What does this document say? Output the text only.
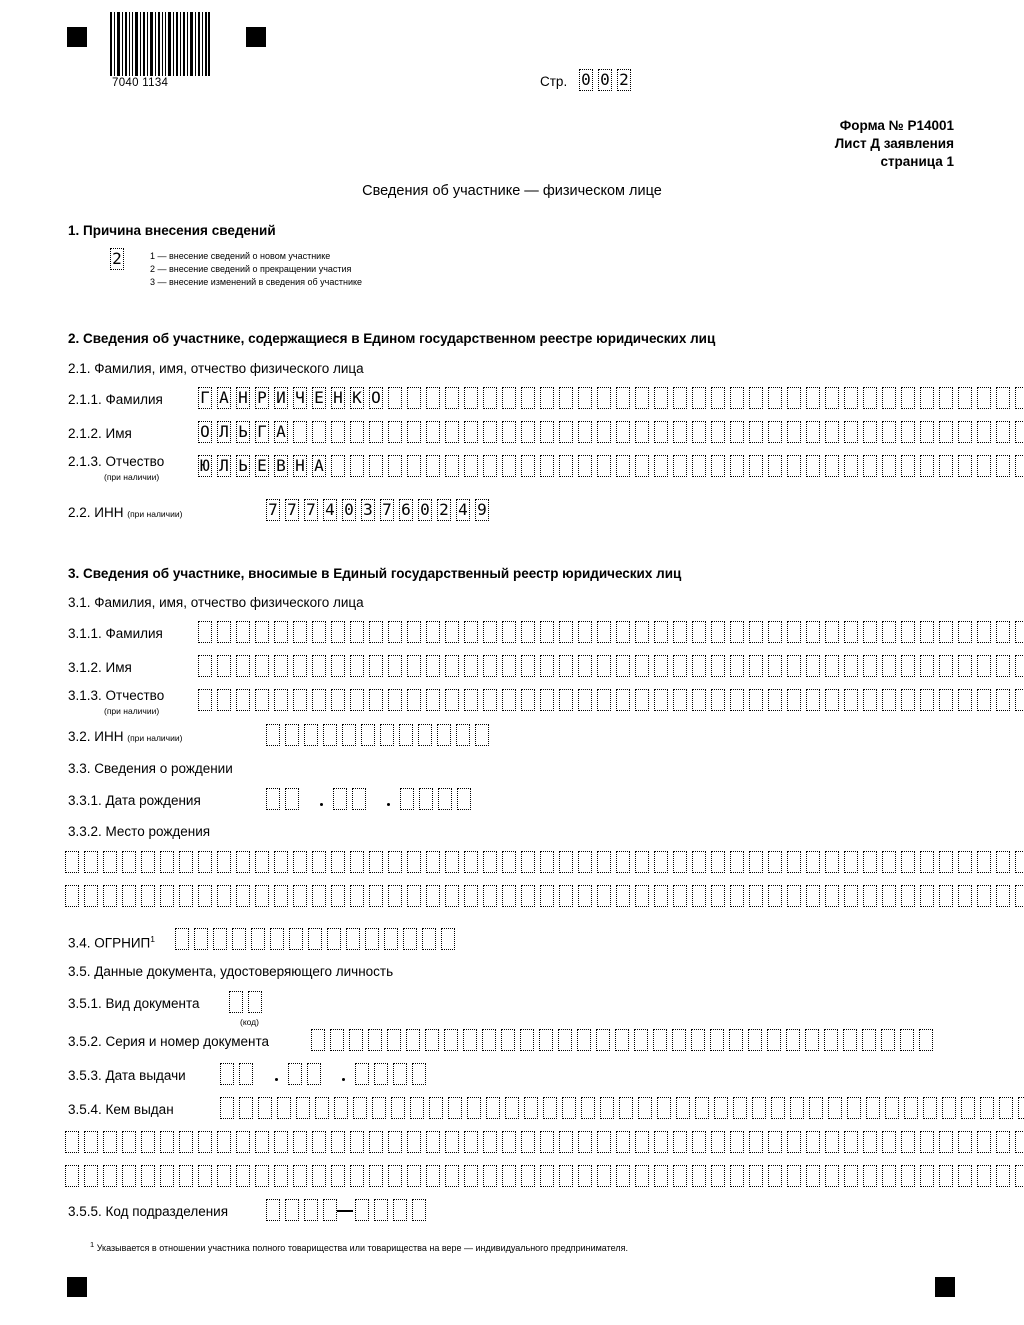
7040 1134	Стр. 0 0 2
Форма № Р14001
Лист Д заявления
страница 1
Сведения об участнике — физическом лице
1. Причина внесения сведений
2	1 — внесение сведений о новом участнике
2 — внесение сведений о прекращении участия
3 — внесение изменений в сведения об участнике
2. Сведения об участнике, содержащиеся в Едином государственном реестре юридических лиц
2.1. Фамилия, имя, отчество физического лица
2.1.1. Фамилия Г А Н Р И Ч Е Н К О
2.1.2. Имя	О Л Ь Г А
2.1.3. Отчество
(при наличии)
Ю Л Ь Е В Н А
2.2. ИНН (при наличии)	7 7 7 4 0 3 7 6 0 2 4 9
3. Сведения об участнике, вносимые в Единый государственный реестр юридических лиц
3.1. Фамилия, имя, отчество физического лица
3.1.1. Фамилия
3.1.2. Имя
3.1.3. Отчество
(при наличии)
3.2. ИНН (при наличии)
3.3. Сведения о рождении
3.3.1. Дата рождения
3.3.2. Место рождения
3.4. ОГРНИП$^1$
3.5. Данные документа, удостоверяющего личность
3.5.1. Вид документа
(код)
3.5.2. Серия и номер документа
3.5.3. Дата выдачи
3.5.4. Кем выдан
3.5.5. Код подразделения
$^1$ Указывается в отношении участника полного товарищества или товарищества на вере — индивидуального предпринимателя.
